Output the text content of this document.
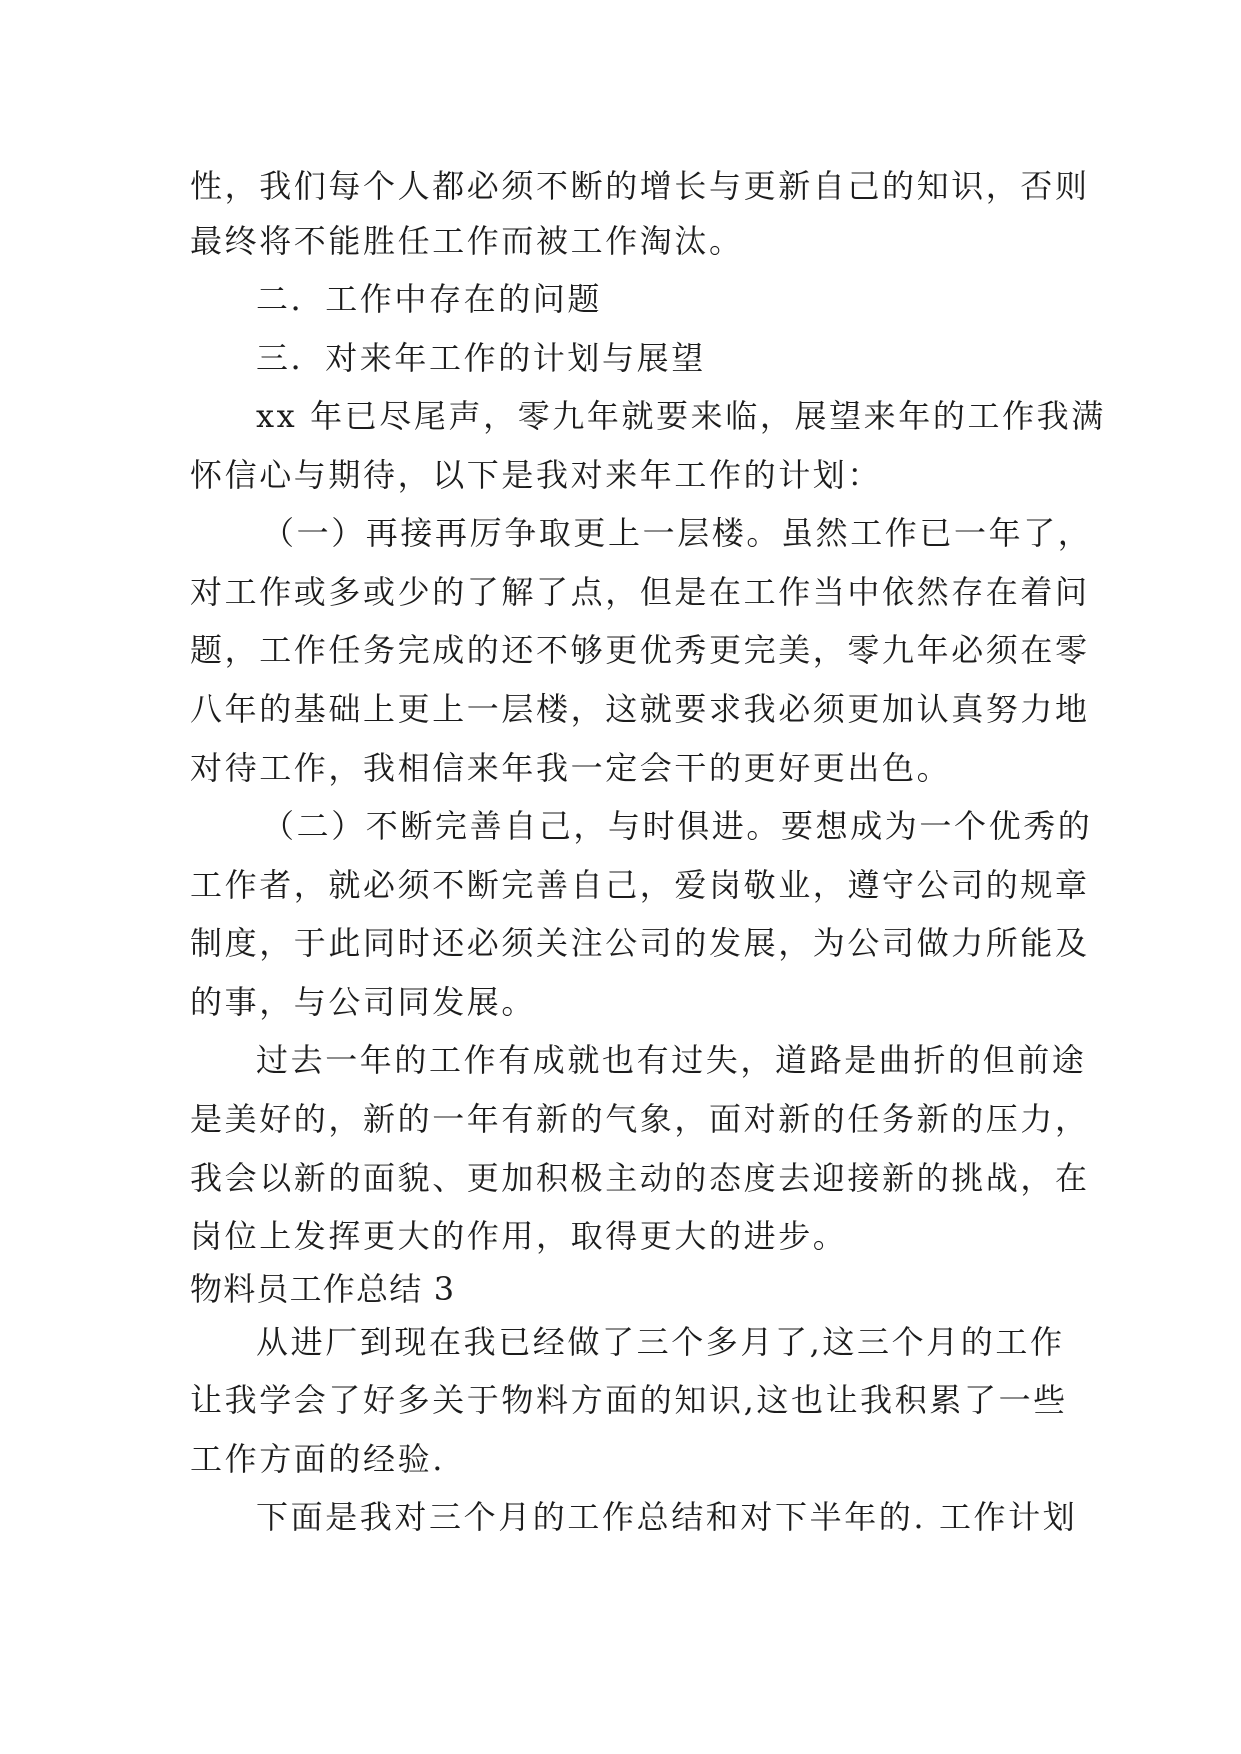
性，我们每个人都必须不断的增长与更新自己的知识，否则

最终将不能胜任工作而被工作淘汰。

二．工作中存在的问题

三．对来年工作的计划与展望

xx 年已尽尾声，零九年就要来临，展望来年的工作我满

怀信心与期待，以下是我对来年工作的计划：

（一）再接再厉争取更上一层楼。虽然工作已一年了，

对工作或多或少的了解了点，但是在工作当中依然存在着问

题，工作任务完成的还不够更优秀更完美，零九年必须在零

八年的基础上更上一层楼，这就要求我必须更加认真努力地

对待工作，我相信来年我一定会干的更好更出色。

（二）不断完善自己，与时俱进。要想成为一个优秀的

工作者，就必须不断完善自己，爱岗敬业，遵守公司的规章

制度，于此同时还必须关注公司的发展，为公司做力所能及

的事，与公司同发展。

过去一年的工作有成就也有过失，道路是曲折的但前途

是美好的，新的一年有新的气象，面对新的任务新的压力，

我会以新的面貌、更加积极主动的态度去迎接新的挑战，在

岗位上发挥更大的作用，取得更大的进步。

物料员工作总结 3

从进厂到现在我已经做了三个多月了,这三个月的工作

让我学会了好多关于物料方面的知识,这也让我积累了一些

工作方面的经验.

下面是我对三个月的工作总结和对下半年的. 工作计划
